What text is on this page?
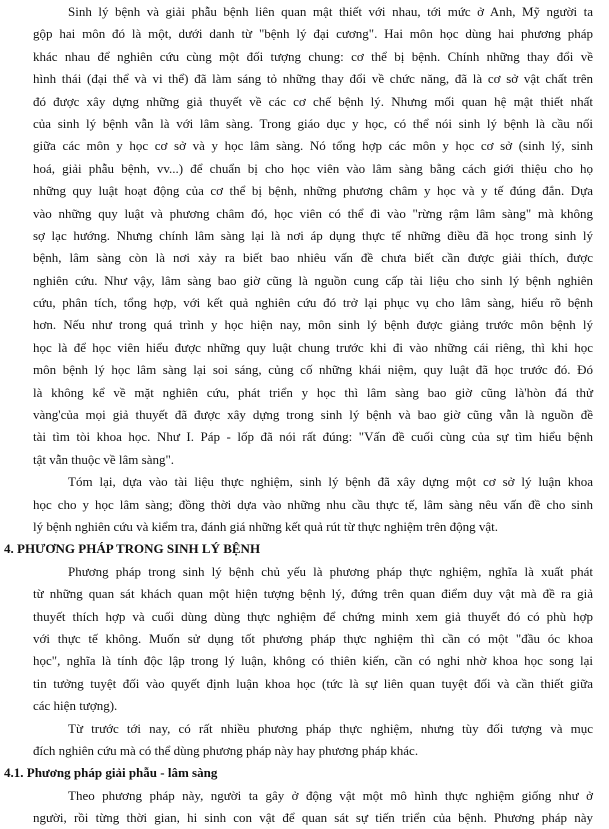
Sinh lý bệnh và giải phẫu bệnh liên quan mật thiết với nhau, tới mức ở Anh, Mỹ người ta
gộp hai môn đó là một, dưới danh từ "bệnh lý đại cương". Hai môn học dùng hai phương pháp
khác nhau để nghiên cứu cùng một đối tượng chung: cơ thể bị bệnh. Chính những thay đổi về
hình thái (đại thể và vi thể) đã làm sáng tỏ những thay đổi về chức năng, đã là cơ sở vật chất trên
đó được xây dựng những giả thuyết về các cơ chế bệnh lý. Nhưng mối quan hệ mật thiết nhất
của sinh lý bệnh vẫn là với lâm sàng. Trong giáo dục y học, có thể nói sinh lý bệnh là cầu nối
giữa các môn y học cơ sở và y học lâm sàng. Nó tổng hợp các môn y học cơ sở (sinh lý, sinh
hoá, giải phẫu bệnh, vv...) để chuẩn bị cho học viên vào lâm sàng bằng cách giới thiệu cho họ
những quy luật hoạt động của cơ thể bị bệnh, những phương châm y học và y tế đúng đắn. Dựa
vào những quy luật và phương châm đó, học viên có thể đi vào "rừng rậm lâm sàng" mà không
sợ lạc hướng. Nhưng chính lâm sàng lại là nơi áp dụng thực tế những điều đã học trong sinh lý
bệnh, lâm sàng còn là nơi xảy ra biết bao nhiêu vấn đề chưa biết cần được giải thích, được
nghiên cứu. Như vậy, lâm sàng bao giờ cũng là nguồn cung cấp tài liệu cho sinh lý bệnh nghiên
cứu, phân tích, tổng hợp, với kết quả nghiên cứu đó trở lại phục vụ cho lâm sàng, hiểu rõ bệnh
hơn. Nếu như trong quá trình y học hiện nay, môn sinh lý bệnh được giảng trước môn bệnh lý
học là để học viên hiểu được những quy luật chung trước khi đi vào những cái riêng, thì khi học
môn bệnh lý học lâm sàng lại soi sáng, củng cố những khái niệm, quy luật đã học trước đó. Đó
là không kể về mặt nghiên cứu, phát triển y học thì lâm sàng bao giờ cũng là'hòn đá thử
vàng'của mọi giả thuyết đã được xây dựng trong sinh lý bệnh và bao giờ cũng vẫn là nguồn đề
tài tìm tòi khoa học. Như I. Páp - lốp đã nói rất đúng: "Vấn đề cuối cùng của sự tìm hiểu bệnh
tật vẫn thuộc về lâm sàng".
Tóm lại, dựa vào tài liệu thực nghiệm, sinh lý bệnh đã xây dựng một cơ sở lý luận khoa
học cho y học lâm sàng; đồng thời dựa vào những nhu cầu thực tế, lâm sàng nêu vấn đề cho sinh
lý bệnh nghiên cứu và kiểm tra, đánh giá những kết quả rút từ thực nghiệm trên động vật.
4. PHƯƠNG PHÁP TRONG SINH LÝ BỆNH
Phương pháp trong sinh lý bệnh chủ yếu là phương pháp thực nghiệm, nghĩa là xuất phát
từ những quan sát khách quan một hiện tượng bệnh lý, đứng trên quan điểm duy vật mà đề ra giả
thuyết thích hợp và cuối dùng dùng thực nghiệm để chứng minh xem giả thuyết đó có phù hợp
với thực tế không. Muốn sử dụng tốt phương pháp thực nghiệm thì cần có một "đầu óc khoa
học", nghĩa là tính độc lập trong lý luận, không có thiên kiến, cần có nghi nhờ khoa học song lại
tin tưởng tuyệt đối vào quyết định luận khoa học (tức là sự liên quan tuyệt đối và cần thiết giữa
các hiện tượng).
Từ trước tới nay, có rất nhiều phương pháp thực nghiệm, nhưng tùy đối tượng và mục
đích nghiên cứu mà có thể dùng phương pháp này hay phương pháp khác.
4.1. Phương pháp giải phẫu - lâm sàng
Theo phương pháp này, người ta gây ở động vật một mô hình thực nghiệm giống như ở
người, rồi từng thời gian, hi sinh con vật để quan sát sự tiến triển của bệnh. Phương pháp này
